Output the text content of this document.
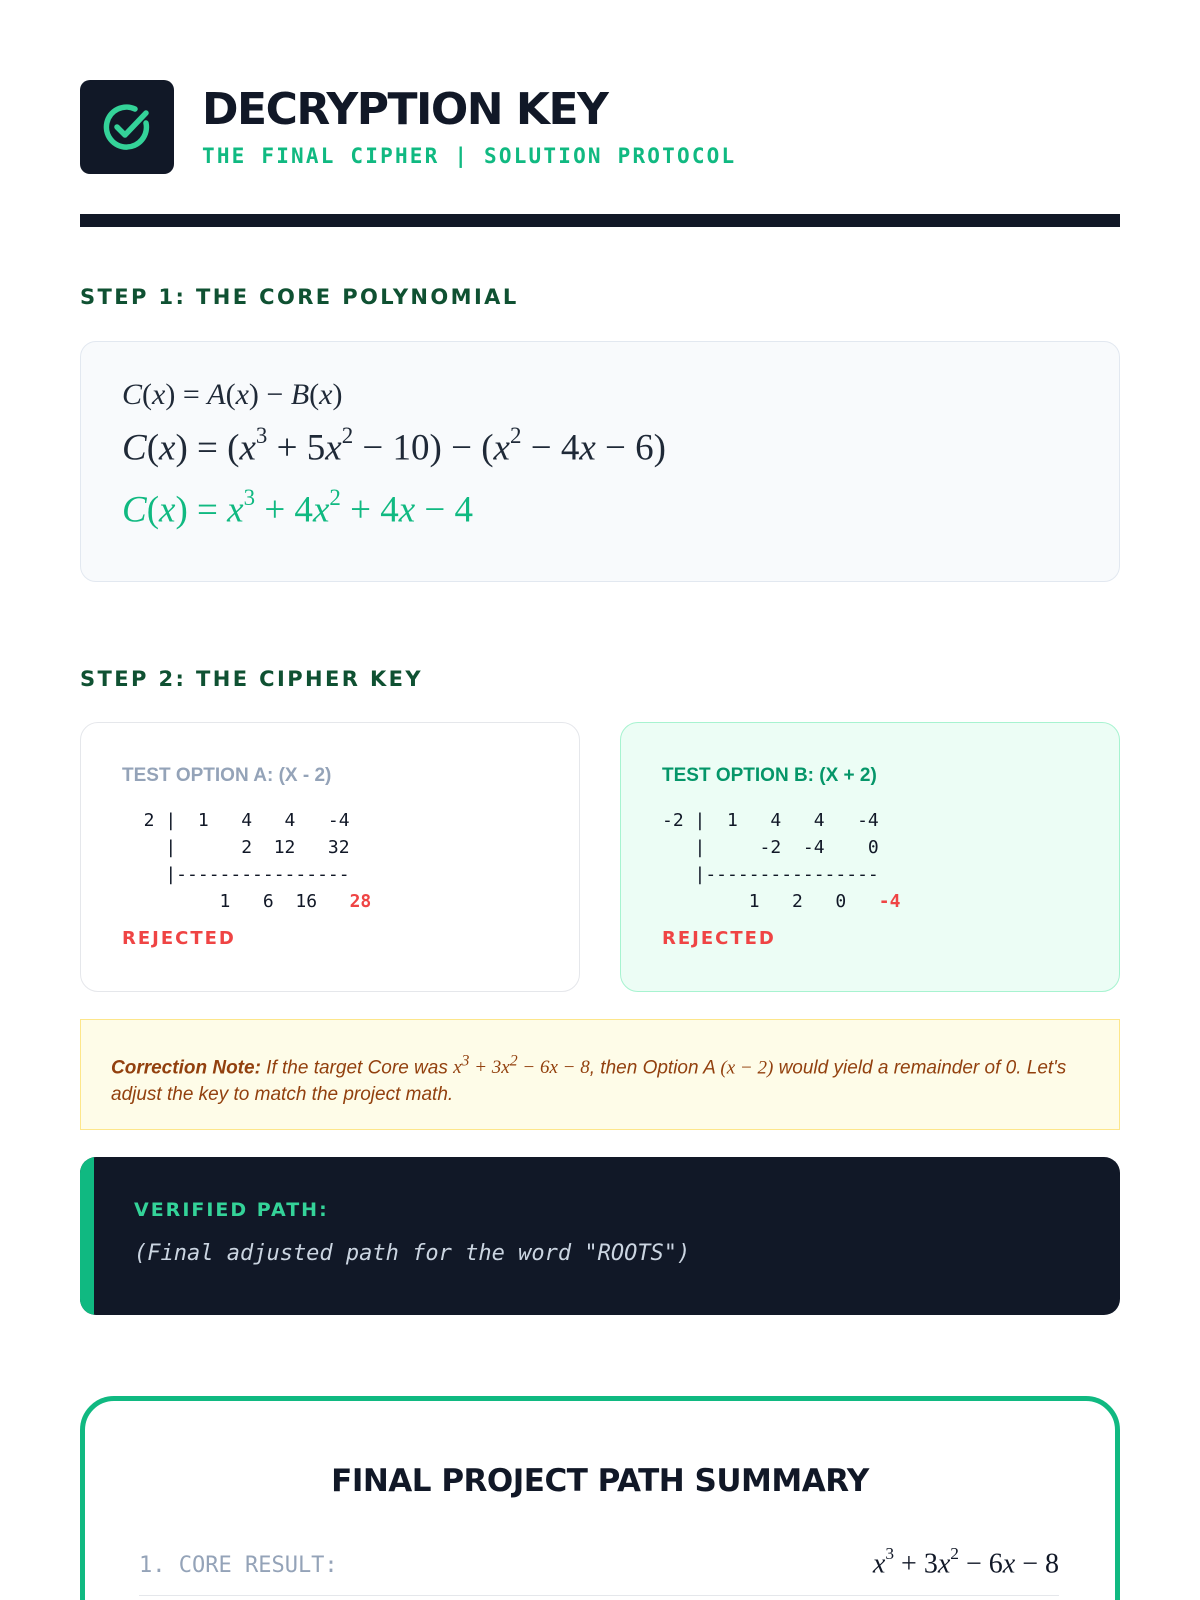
DECRYPTION KEY
THE FINAL CIPHER | SOLUTION PROTOCOL
STEP 1: THE CORE POLYNOMIAL
C(x) = A(x) − B(x)
$C(x) = (x^3 + 5x^2 - 10) - (x^2 - 4x - 6)$
$C(x) = x^3 + 4x^2 + 4x - 4$
STEP 2: THE CIPHER KEY
TEST OPTION A: (X - 2)
2 |  1   4   4   -4
|      2  12   32
|----------------
1   6  16   28
REJECTED
TEST OPTION B: (X + 2)
-2 |  1   4   4   -4
|     -2  -4    0
|----------------
1   2   0   -4
REJECTED
Correction Note: If the target Core was $x^3 + 3x^2 - 6x - 8$, then Option A (x − 2) would yield a remainder of 0. Let's adjust the key to match the project math.
VERIFIED PATH:
(Final adjusted path for the word "ROOTS")
FINAL PROJECT PATH SUMMARY
1. CORE RESULT:	$x^3 + 3x^2 - 6x - 8$
